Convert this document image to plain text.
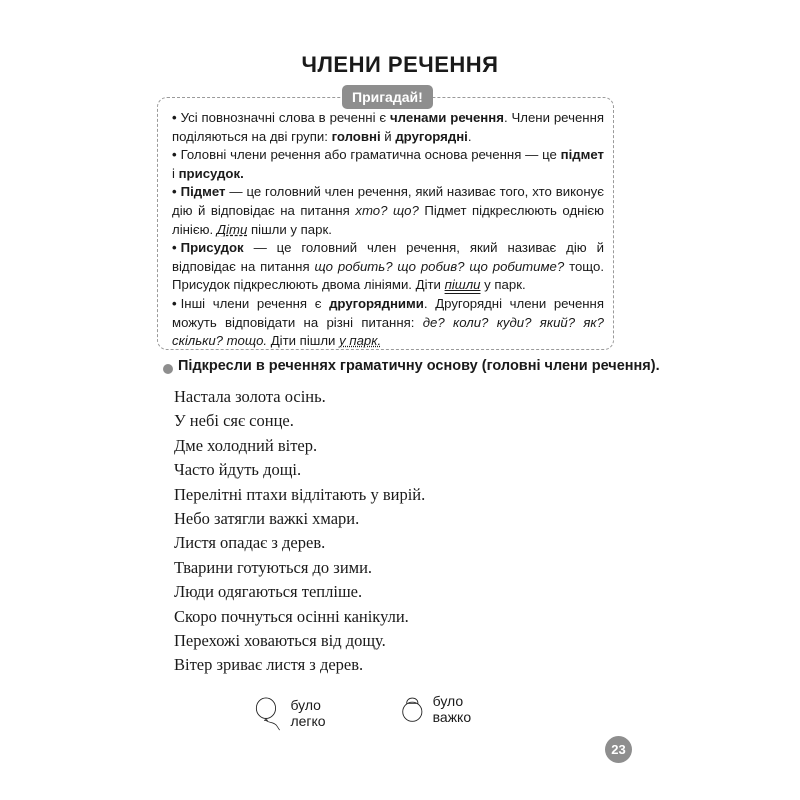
ЧЛЕНИ РЕЧЕННЯ
Пригадай!

• Усі повнозначні слова в реченні є членами речення. Члени речення поділяються на дві групи: головні й другорядні.

• Головні члени речення або граматична основа речення — це підмет і присудок.

• Підмет — це головний член речення, який називає того, хто виконує дію й відповідає на питання хто? що? Підмет підкреслюють однією лінією. Діти пішли у парк.

• Присудок — це головний член речення, який називає дію й відповідає на питання що робить? що робив? що робитиме? тощо. Присудок підкреслюють двома лініями. Діти пішли у парк.

• Інші члени речення є другорядними. Другорядні члени речення можуть відповідати на різні питання: де? коли? куди? який? як? скільки? тощо. Діти пішли у парк.

Підкресли в реченнях граматичну основу (головні члени речення).
Настала золота осінь.
У небі сяє сонце.
Дме холодний вітер.
Часто йдуть дощі.
Перелітні птахи відлітають у вирій.
Небо затягли важкі хмари.
Листя опадає з дерев.
Тварини готуються до зими.
Люди одягаються тепліше.
Скоро почнуться осінні канікули.
Перехожі ховаються від дощу.
Вітер зриває листя з дерев.
було легко
було важко
23
